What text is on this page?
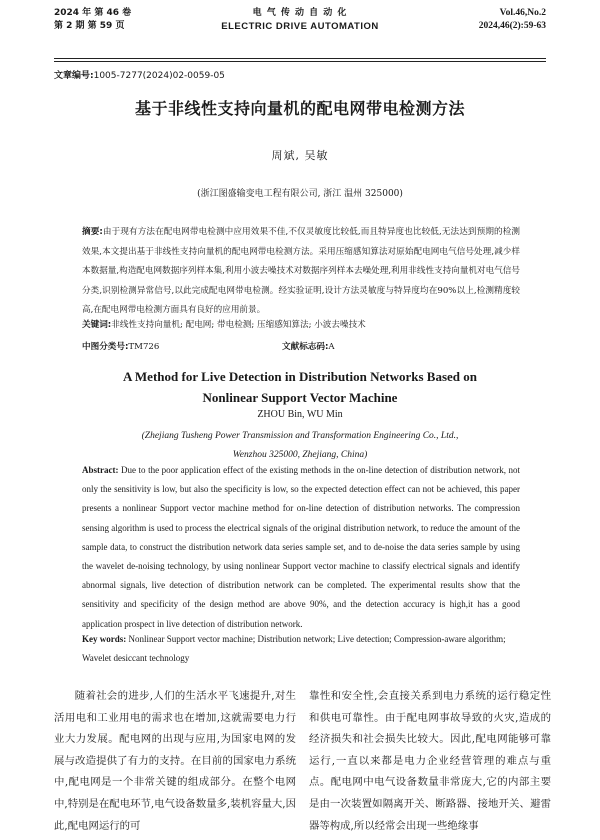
2024 年 第 46 卷
第 2 期 第 59 页
电 气 传 动 自 动 化
ELECTRIC DRIVE AUTOMATION
Vol.46,No.2
2024,46(2):59-63
文章编号:1005-7277(2024)02-0059-05
基于非线性支持向量机的配电网带电检测方法
周斌, 吴敏
(浙江图盛输变电工程有限公司, 浙江 温州 325000)
摘要:由于现有方法在配电网带电检测中应用效果不佳,不仅灵敏度比较低,而且特异度也比较低,无法达到预期的检测效果,本文提出基于非线性支持向量机的配电网带电检测方法。采用压缩感知算法对原始配电网电气信号处理,减少样本数据量,构造配电网数据序列样本集,利用小波去噪技术对数据序列样本去噪处理,利用非线性支持向量机对电气信号分类,识别检测异常信号,以此完成配电网带电检测。经实验证明,设计方法灵敏度与特异度均在90%以上,检测精度较高,在配电网带电检测方面具有良好的应用前景。
关键词:非线性支持向量机; 配电网; 带电检测; 压缩感知算法; 小波去噪技术
中图分类号:TM726	文献标志码:A
A Method for Live Detection in Distribution Networks Based on
Nonlinear Support Vector Machine
ZHOU Bin, WU Min
(Zhejiang Tusheng Power Transmission and Transformation Engineering Co., Ltd.,
Wenzhou 325000, Zhejiang, China)
Abstract: Due to the poor application effect of the existing methods in the on-line detection of distribution network, not only the sensitivity is low, but also the specificity is low, so the expected detection effect can not be achieved, this paper presents a nonlinear Support vector machine method for on-line detection of distribution networks. The compression sensing algorithm is used to process the electrical signals of the original distribution network, to reduce the amount of the sample data, to construct the distribution network data series sample set, and to de-noise the data series sample by using the wavelet de-noising technology, by using nonlinear Support vector machine to classify electrical signals and identify abnormal signals, live detection of distribution network can be completed. The experimental results show that the sensitivity and specificity of the design method are above 90%, and the detection accuracy is high,it has a good application prospect in live detection of distribution network.
Key words: Nonlinear Support vector machine; Distribution network; Live detection; Compression-aware algorithm; Wavelet desiccant technology

随着社会的进步,人们的生活水平飞速提升,对生活用电和工业用电的需求也在增加,这就需要电力行业大力发展。配电网的出现与应用,为国家电网的发展与改造提供了有力的支持。在目前的国家电力系统中,配电网是一个非常关键的组成部分。在整个电网中,特别是在配电环节,电气设备数量多,装机容量大,因此,配电网运行的可

靠性和安全性,会直接关系到电力系统的运行稳定性和供电可靠性。由于配电网事故导致的火灾,造成的经济损失和社会损失比较大。因此,配电网能够可靠运行,一直以来都是电力企业经营管理的难点与重点。配电网中电气设备数量非常庞大,它的内部主要是由一次装置如隔离开关、断路器、接地开关、避雷器等构成,所以经常会出现一些绝缘事
